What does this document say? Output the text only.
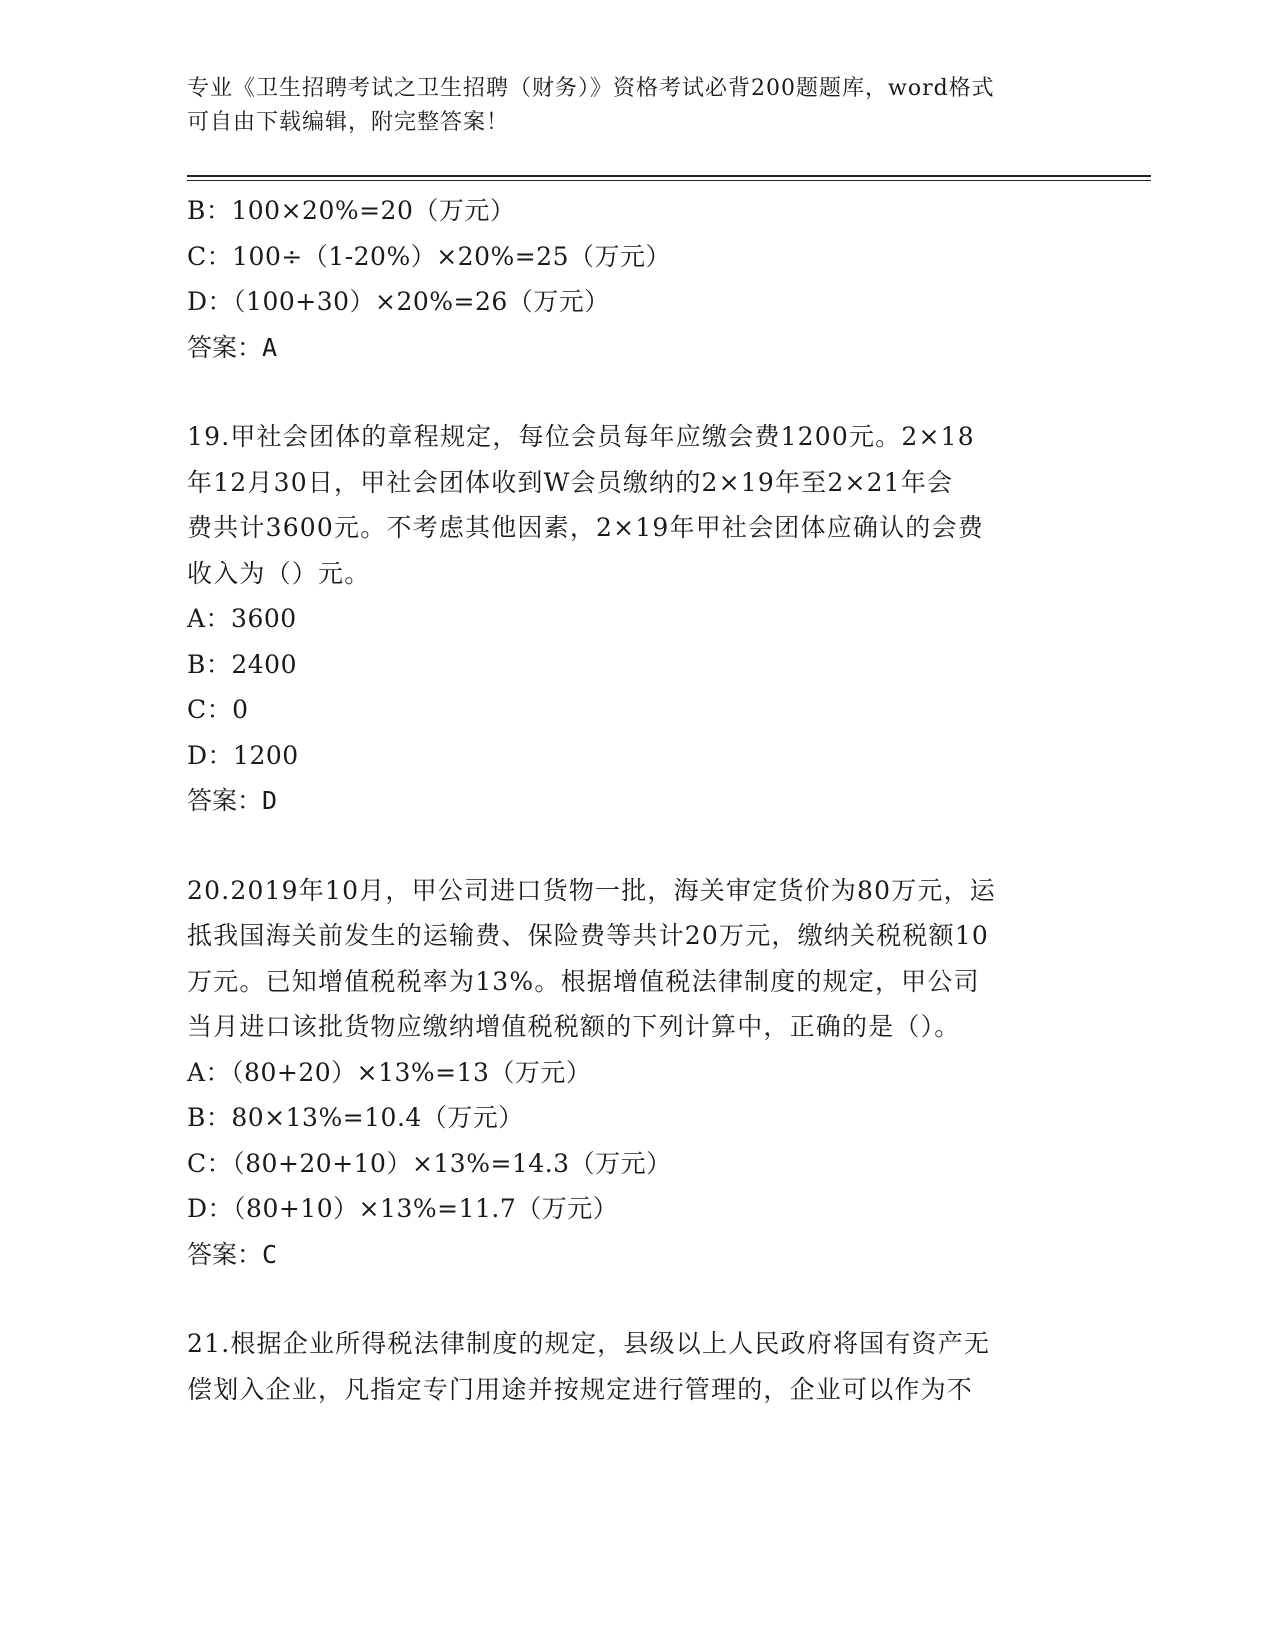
专业《卫生招聘考试之卫生招聘（财务）》资格考试必背200题题库，word格式
可自由下载编辑，附完整答案！
B：100×20%=20（万元）
C：100÷（1-20%）×20%=25（万元）
D：（100+30）×20%=26（万元）
答案：A
19.甲社会团体的章程规定，每位会员每年应缴会费1200元。2×18
年12月30日，甲社会团体收到W会员缴纳的2×19年至2×21年会
费共计3600元。不考虑其他因素，2×19年甲社会团体应确认的会费
收入为（）元。
A：3600
B：2400
C：0
D：1200
答案：D
20.2019年10月，甲公司进口货物一批，海关审定货价为80万元，运
抵我国海关前发生的运输费、保险费等共计20万元，缴纳关税税额10
万元。已知增值税税率为13%。根据增值税法律制度的规定，甲公司
当月进口该批货物应缴纳增值税税额的下列计算中，正确的是（）。
A：（80+20）×13%=13（万元）
B：80×13%=10.4（万元）
C：（80+20+10）×13%=14.3（万元）
D：（80+10）×13%=11.7（万元）
答案：C
21.根据企业所得税法律制度的规定，县级以上人民政府将国有资产无
偿划入企业，凡指定专门用途并按规定进行管理的，企业可以作为不
